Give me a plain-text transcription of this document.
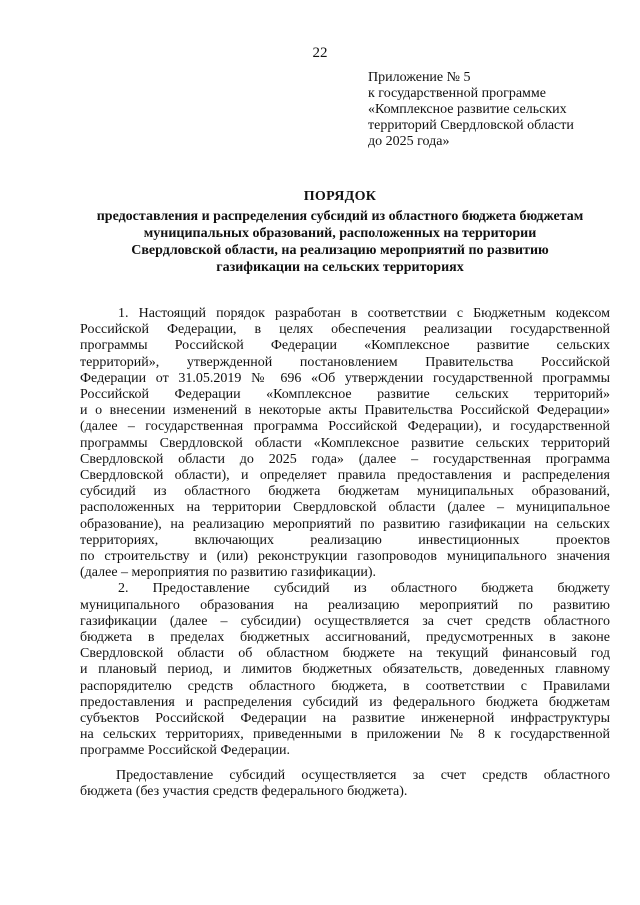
22
Приложение № 5
к государственной программе
«Комплексное развитие сельских
территорий Свердловской области
до 2025 года»
ПОРЯДОК
предоставления и распределения субсидий из областного бюджета бюджетам
муниципальных образований, расположенных на территории
Свердловской области, на реализацию мероприятий по развитию
газификации на сельских территориях
1. Настоящий порядок разработан в соответствии с Бюджетным кодексом
Российской Федерации, в целях обеспечения реализации государственной
программы Российской Федерации «Комплексное развитие сельских
территорий», утвержденной постановлением Правительства Российской
Федерации от 31.05.2019 № 696 «Об утверждении государственной программы
Российской Федерации «Комплексное развитие сельских территорий»
и о внесении изменений в некоторые акты Правительства Российской Федерации»
(далее – государственная программа Российской Федерации), и государственной
программы Свердловской области «Комплексное развитие сельских территорий
Свердловской области до 2025 года» (далее – государственная программа
Свердловской области), и определяет правила предоставления и распределения
субсидий из областного бюджета бюджетам муниципальных образований,
расположенных на территории Свердловской области (далее – муниципальное
образование), на реализацию мероприятий по развитию газификации на сельских
территориях, включающих реализацию инвестиционных проектов
по строительству и (или) реконструкции газопроводов муниципального значения
(далее – мероприятия по развитию газификации).
2. Предоставление субсидий из областного бюджета бюджету
муниципального образования на реализацию мероприятий по развитию
газификации (далее – субсидии) осуществляется за счет средств областного
бюджета в пределах бюджетных ассигнований, предусмотренных в законе
Свердловской области об областном бюджете на текущий финансовый год
и плановый период, и лимитов бюджетных обязательств, доведенных главному
распорядителю средств областного бюджета, в соответствии с Правилами
предоставления и распределения субсидий из федерального бюджета бюджетам
субъектов Российской Федерации на развитие инженерной инфраструктуры
на сельских территориях, приведенными в приложении № 8 к государственной
программе Российской Федерации.
Предоставление субсидий осуществляется за счет средств областного
бюджета (без участия средств федерального бюджета).
